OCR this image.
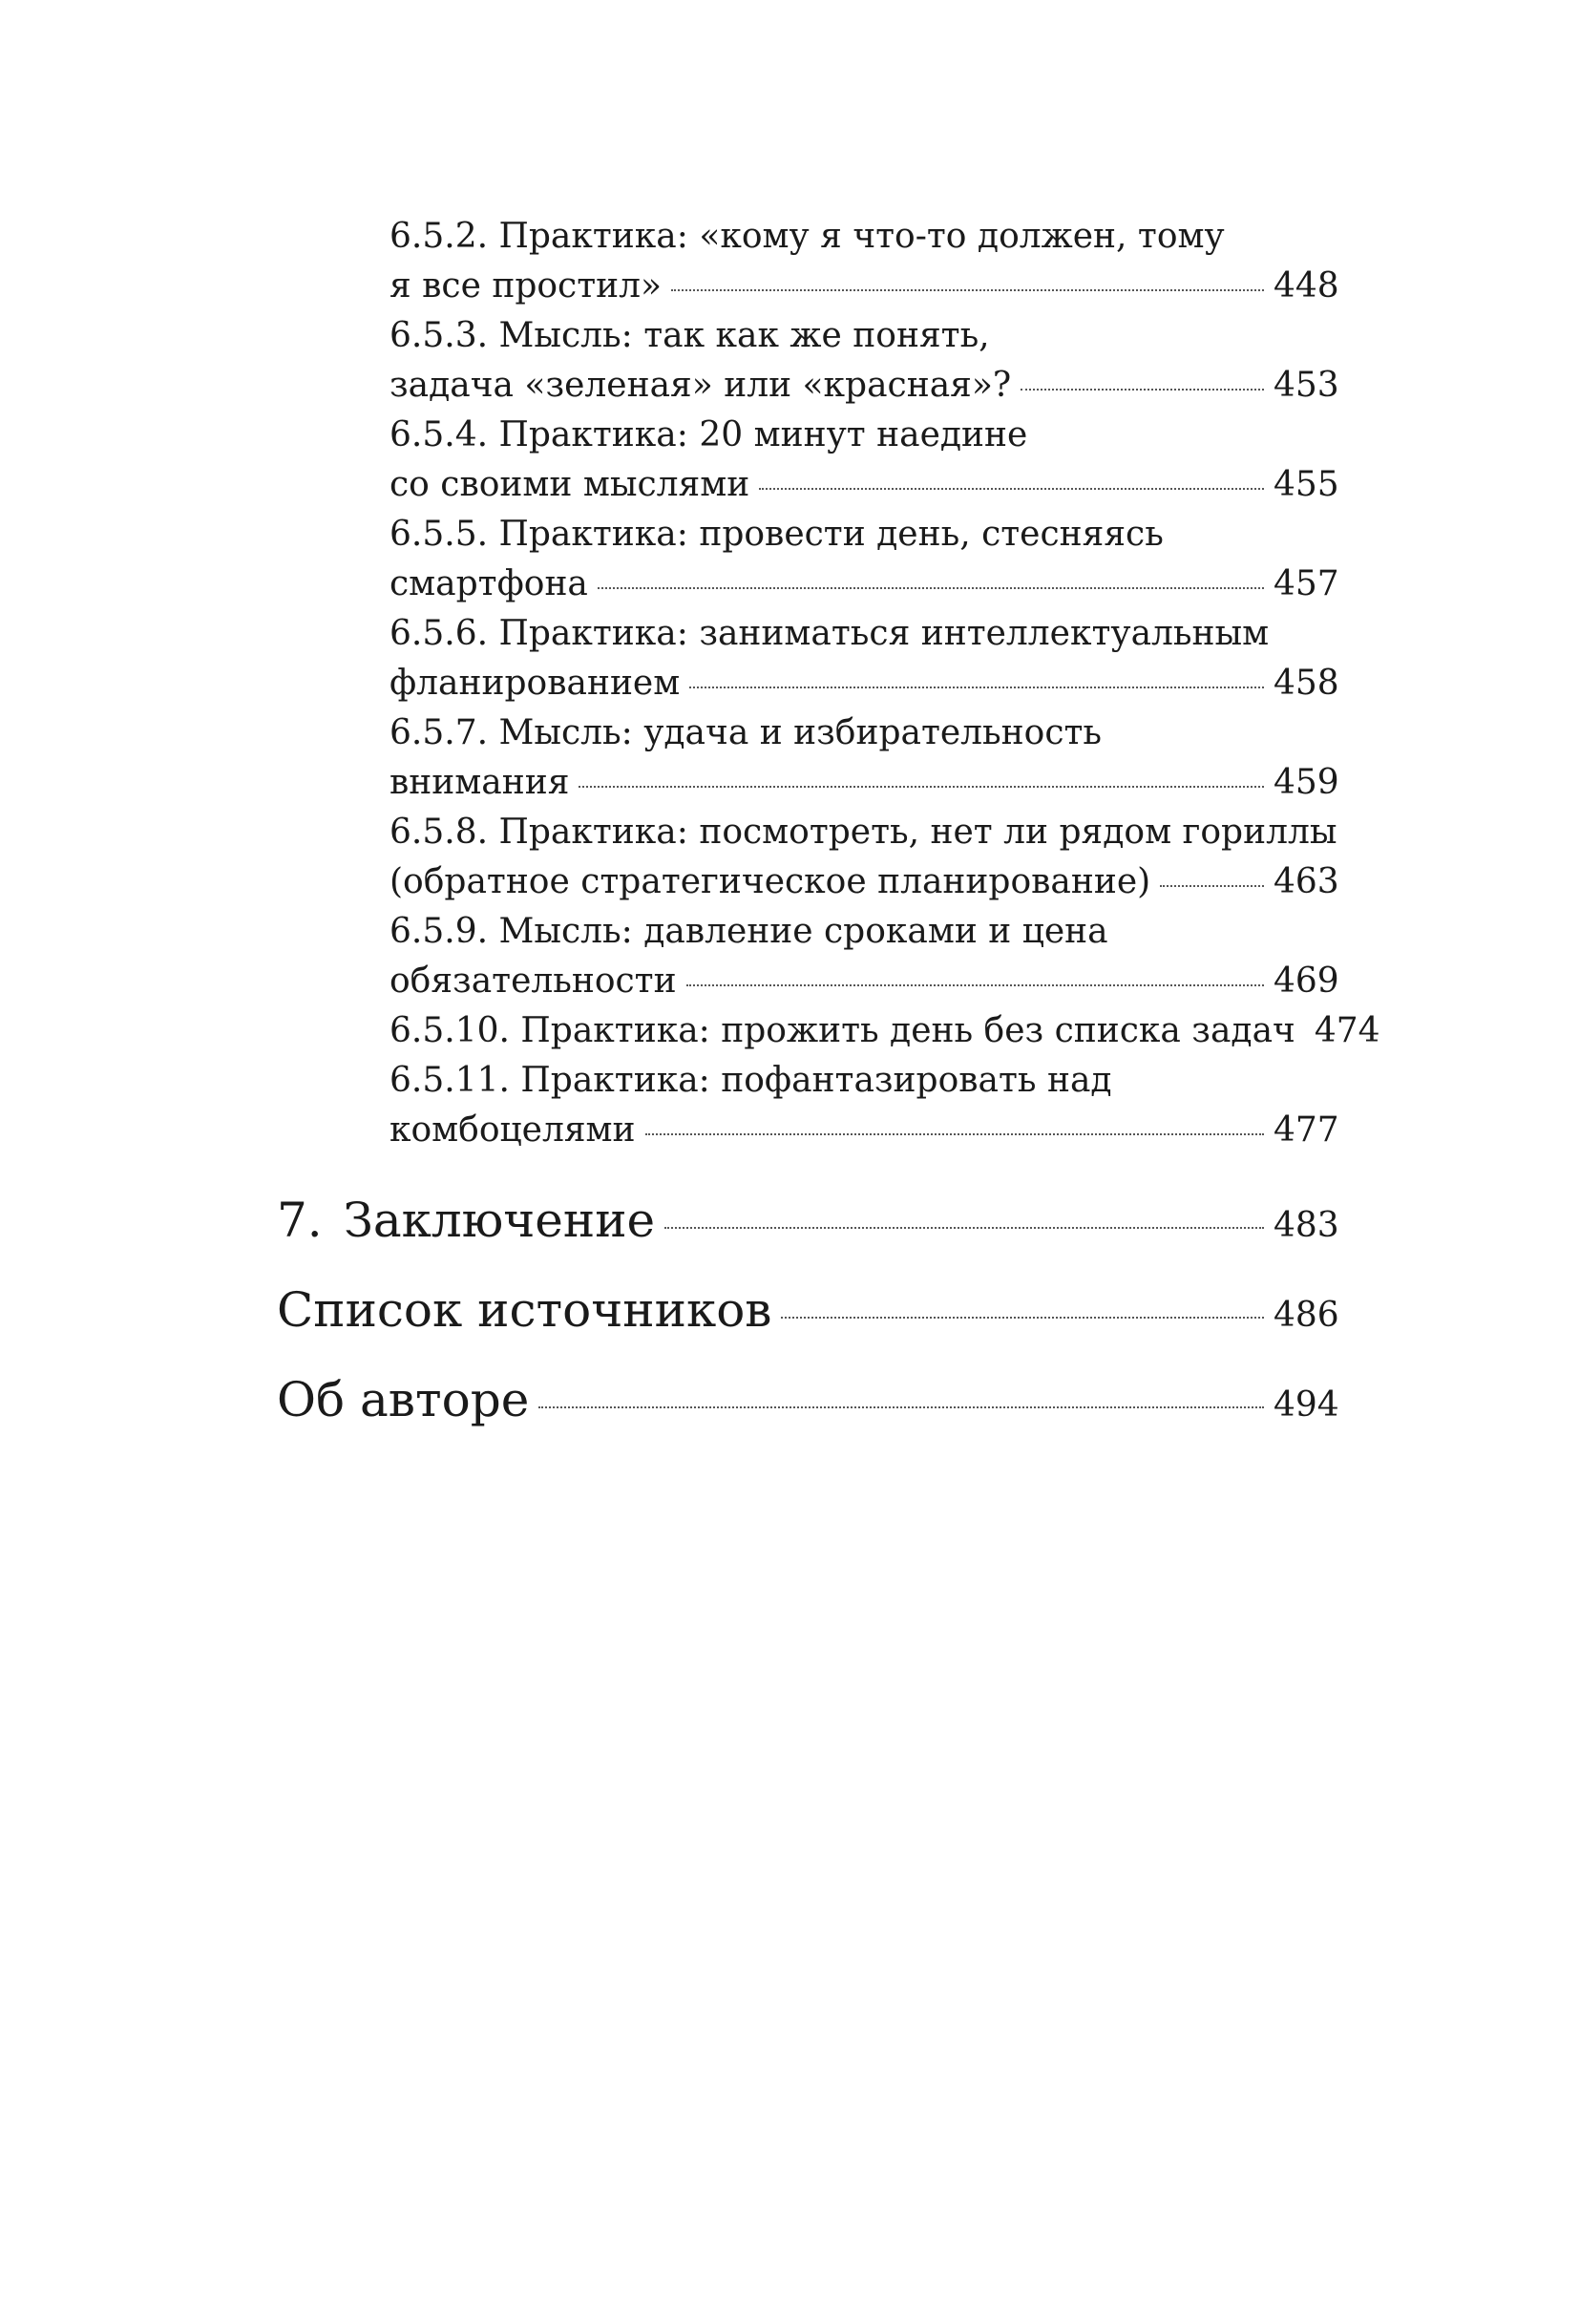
6.5.2. Практика: «кому я что-то должен, тому
я все простил»	448
6.5.3. Мысль: так как же понять,
задача «зеленая» или «красная»?	453
6.5.4. Практика: 20 минут наедине
со своими мыслями	455
6.5.5. Практика: провести день, стесняясь
смартфона	457
6.5.6. Практика: заниматься интеллектуальным
фланированием	458
6.5.7. Мысль: удача и избирательность
внимания	459
6.5.8. Практика: посмотреть, нет ли рядом гориллы
(обратное стратегическое планирование)	463
6.5.9. Мысль: давление сроками и цена
обязательности	469
6.5.10. Практика: прожить день без списка задач 474
6.5.11. Практика: пофантазировать над
комбоцелями	477
7. Заключение	483
Список источников	486
Об авторе	494
